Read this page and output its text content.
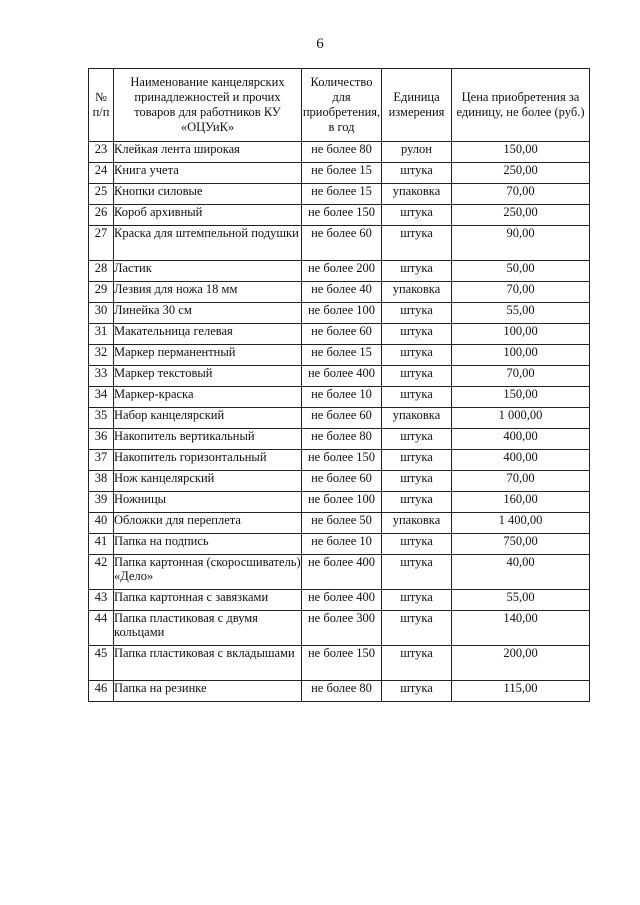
6
№ п/п	Наименование канцелярских принадлежностей и прочих товаров для работников КУ «ОЦУиК»	Количество для приобретения, в год	Единица измерения	Цена приобретения за единицу, не более (руб.)
23	Клейкая лента широкая	не более 80	рулон	150,00
24	Книга учета	не более 15	штука	250,00
25	Кнопки силовые	не более 15	упаковка	70,00
26	Короб архивный	не более 150	штука	250,00
27	Краска для штемпельной подушки	не более 60	штука	90,00
28	Ластик	не более 200	штука	50,00
29	Лезвия для ножа 18 мм	не более 40	упаковка	70,00
30	Линейка 30 см	не более 100	штука	55,00
31	Макательница гелевая	не более 60	штука	100,00
32	Маркер перманентный	не более 15	штука	100,00
33	Маркер текстовый	не более 400	штука	70,00
34	Маркер-краска	не более 10	штука	150,00
35	Набор канцелярский	не более 60	упаковка	1 000,00
36	Накопитель вертикальный	не более 80	штука	400,00
37	Накопитель горизонтальный	не более 150	штука	400,00
38	Нож канцелярский	не более 60	штука	70,00
39	Ножницы	не более 100	штука	160,00
40	Обложки для переплета	не более 50	упаковка	1 400,00
41	Папка на подпись	не более 10	штука	750,00
42	Папка картонная (скоросшиватель) «Дело»	не более 400	штука	40,00
43	Папка картонная с завязками	не более 400	штука	55,00
44	Папка пластиковая с двумя кольцами	не более 300	штука	140,00
45	Папка пластиковая с вкладышами	не более 150	штука	200,00
46	Папка на резинке	не более 80	штука	115,00
